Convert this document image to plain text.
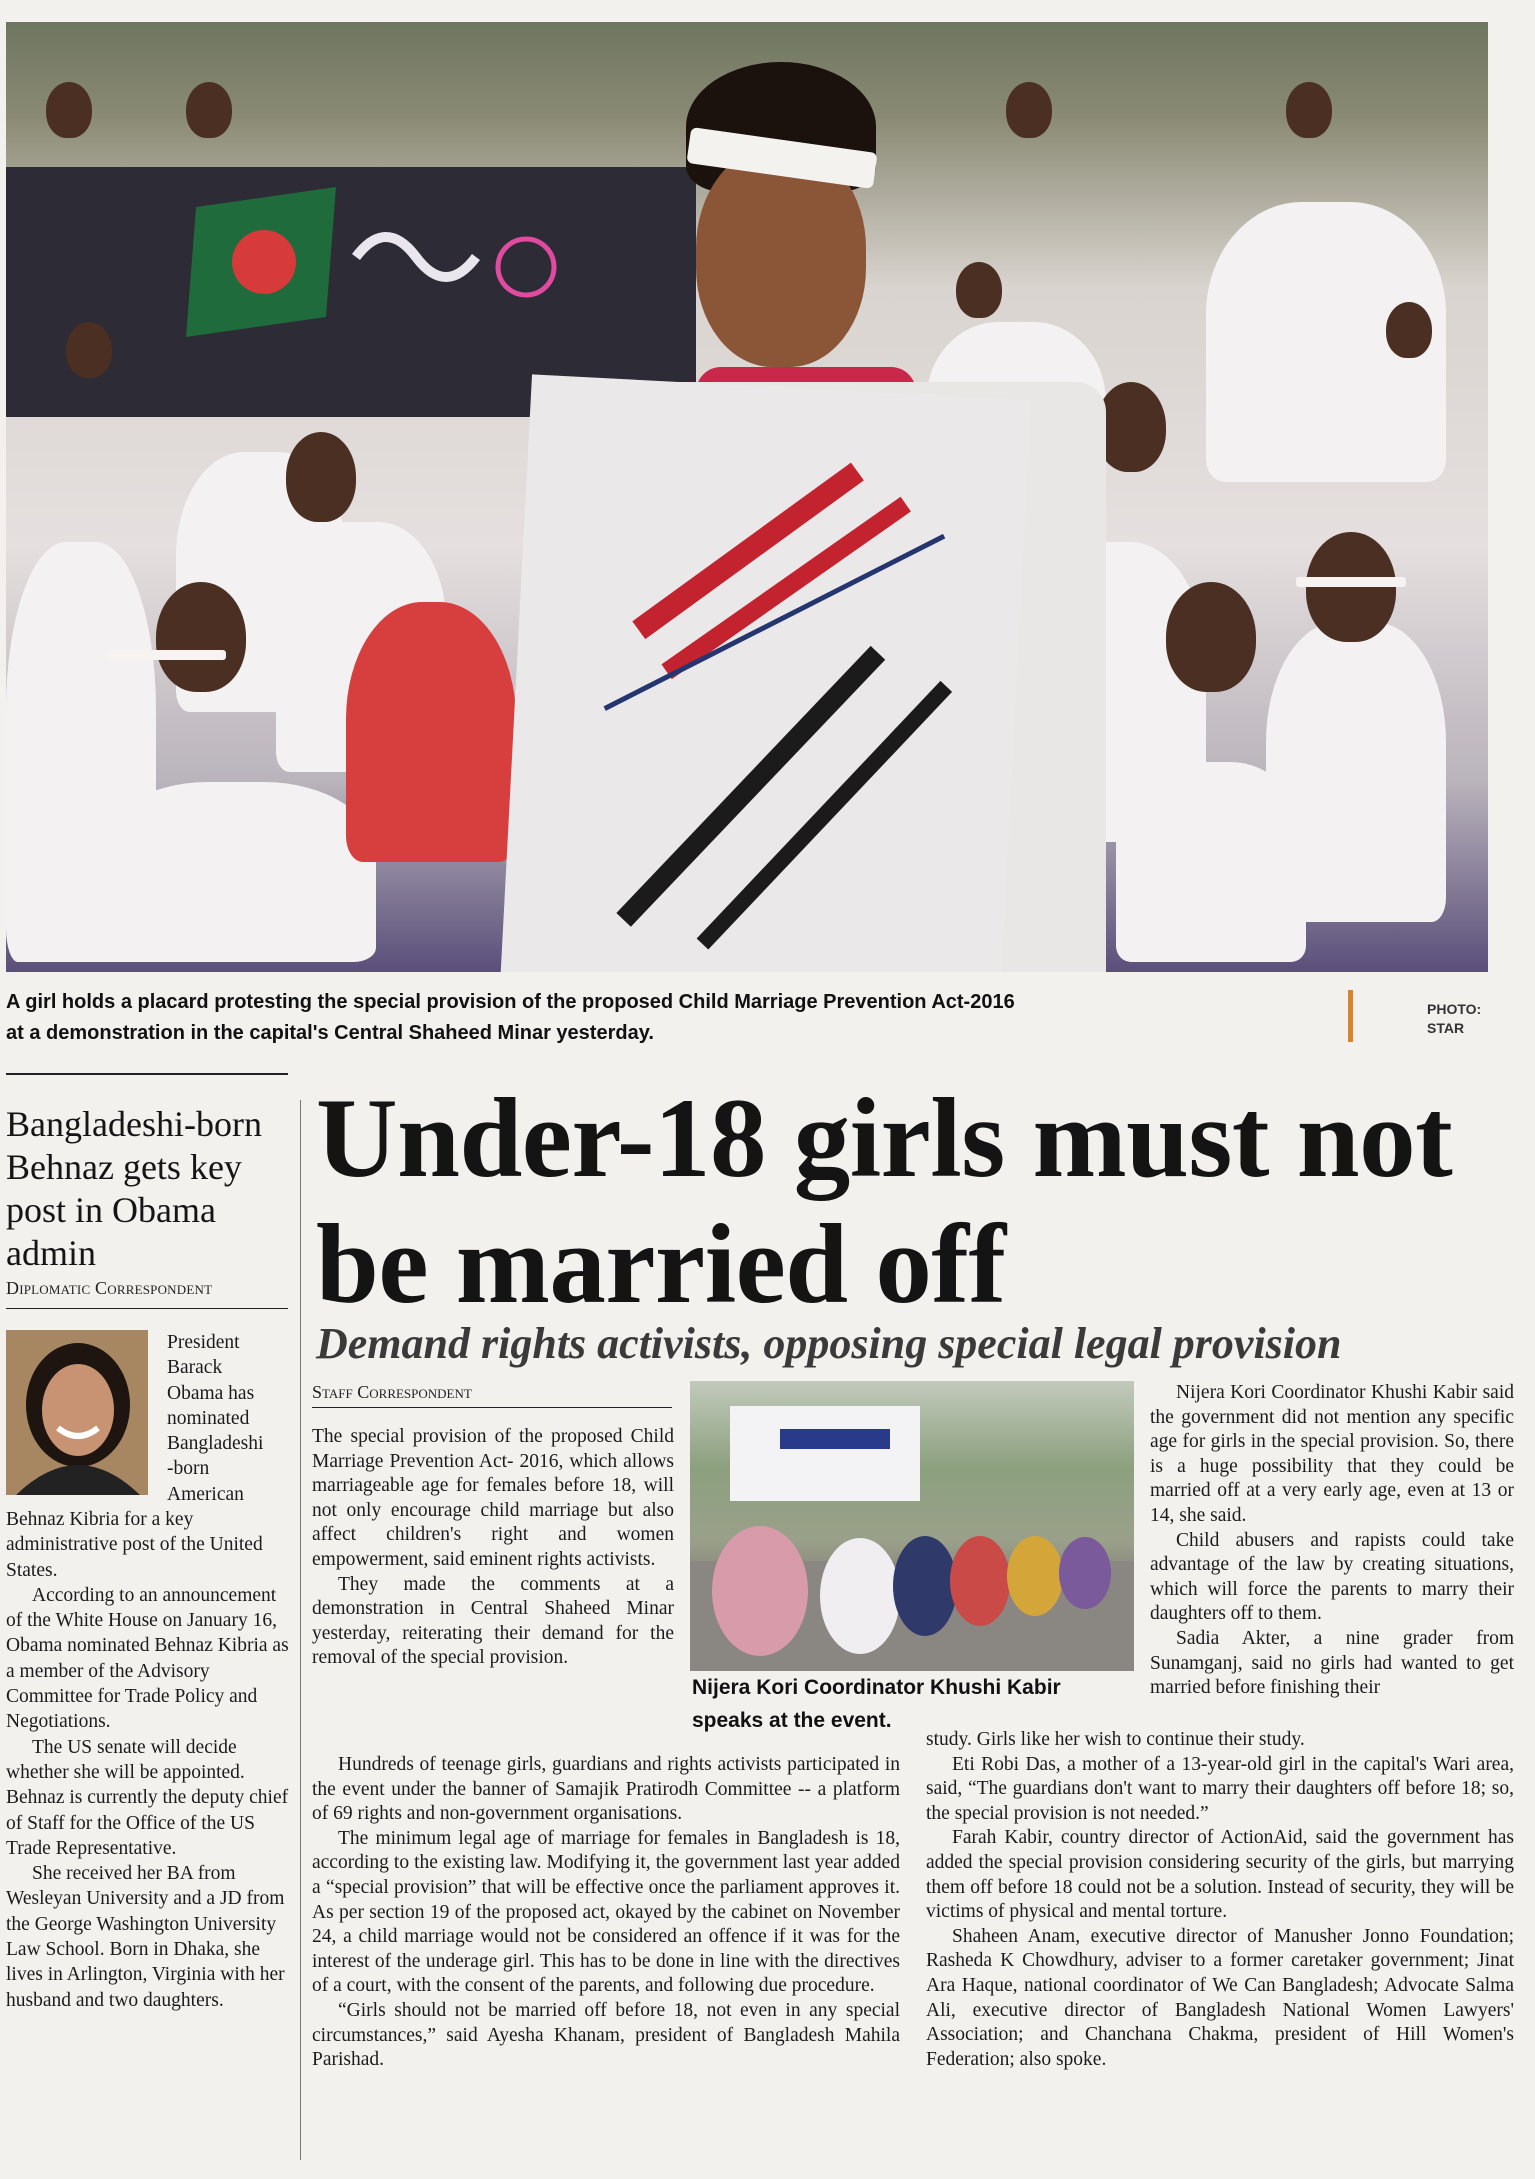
A girl holds a placard protesting the special provision of the proposed Child Marriage Prevention Act-2016
at a demonstration in the capital's Central Shaheed Minar yesterday.
PHOTO:
STAR
Bangladeshi-born Behnaz gets key post in Obama admin
Diplomatic Correspondent
President
Barack
Obama has
nominated
Bangladeshi
-born
American

Behnaz Kibria for a key administrative post of the United States.

According to an announcement of the White House on January 16, Obama nominated Behnaz Kibria as a member of the Advisory Committee for Trade Policy and Negotiations.

The US senate will decide whether she will be appointed. Behnaz is currently the deputy chief of Staff for the Office of the US Trade Representative.

She received her BA from Wesleyan University and a JD from the George Washington University Law School. Born in Dhaka, she lives in Arlington, Virginia with her husband and two daughters.

Under-18 girls must not be married off
Demand rights activists, opposing special legal provision
Staff Correspondent

The special provision of the proposed Child Marriage Prevention Act- 2016, which allows marriageable age for females before 18, will not only encourage child marriage but also affect children's right and women empowerment, said eminent rights activists.

They made the comments at a demonstration in Central Shaheed Minar yesterday, reiterating their demand for the removal of the special provision.

Nijera Kori Coordinator Khushi Kabir speaks at the event.

Nijera Kori Coordinator Khushi Kabir said the government did not mention any specific age for girls in the special provision. So, there is a huge possibility that they could be married off at a very early age, even at 13 or 14, she said.

Child abusers and rapists could take advantage of the law by creating situations, which will force the parents to marry their daughters off to them.

Sadia Akter, a nine grader from Sunamganj, said no girls had wanted to get married before finishing their

Hundreds of teenage girls, guardians and rights activists participated in the event under the banner of Samajik Pratirodh Committee -- a platform of 69 rights and non-government organisations.

The minimum legal age of marriage for females in Bangladesh is 18, according to the existing law. Modifying it, the government last year added a “special provision” that will be effective once the parliament approves it. As per section 19 of the proposed act, okayed by the cabinet on November 24, a child marriage would not be considered an offence if it was for the interest of the underage girl. This has to be done in line with the directives of a court, with the consent of the parents, and following due procedure.

“Girls should not be married off before 18, not even in any special circumstances,” said Ayesha Khanam, president of Bangladesh Mahila Parishad.

study. Girls like her wish to continue their study.

Eti Robi Das, a mother of a 13-year-old girl in the capital's Wari area, said, “The guardians don't want to marry their daughters off before 18; so, the special provision is not needed.”

Farah Kabir, country director of ActionAid, said the government has added the special provision considering security of the girls, but marrying them off before 18 could not be a solution. Instead of security, they will be victims of physical and mental torture.

Shaheen Anam, executive director of Manusher Jonno Foundation; Rasheda K Chowdhury, adviser to a former caretaker government; Jinat Ara Haque, national coordinator of We Can Bangladesh; Advocate Salma Ali, executive director of Bangladesh National Women Lawyers' Association; and Chanchana Chakma, president of Hill Women's Federation; also spoke.
